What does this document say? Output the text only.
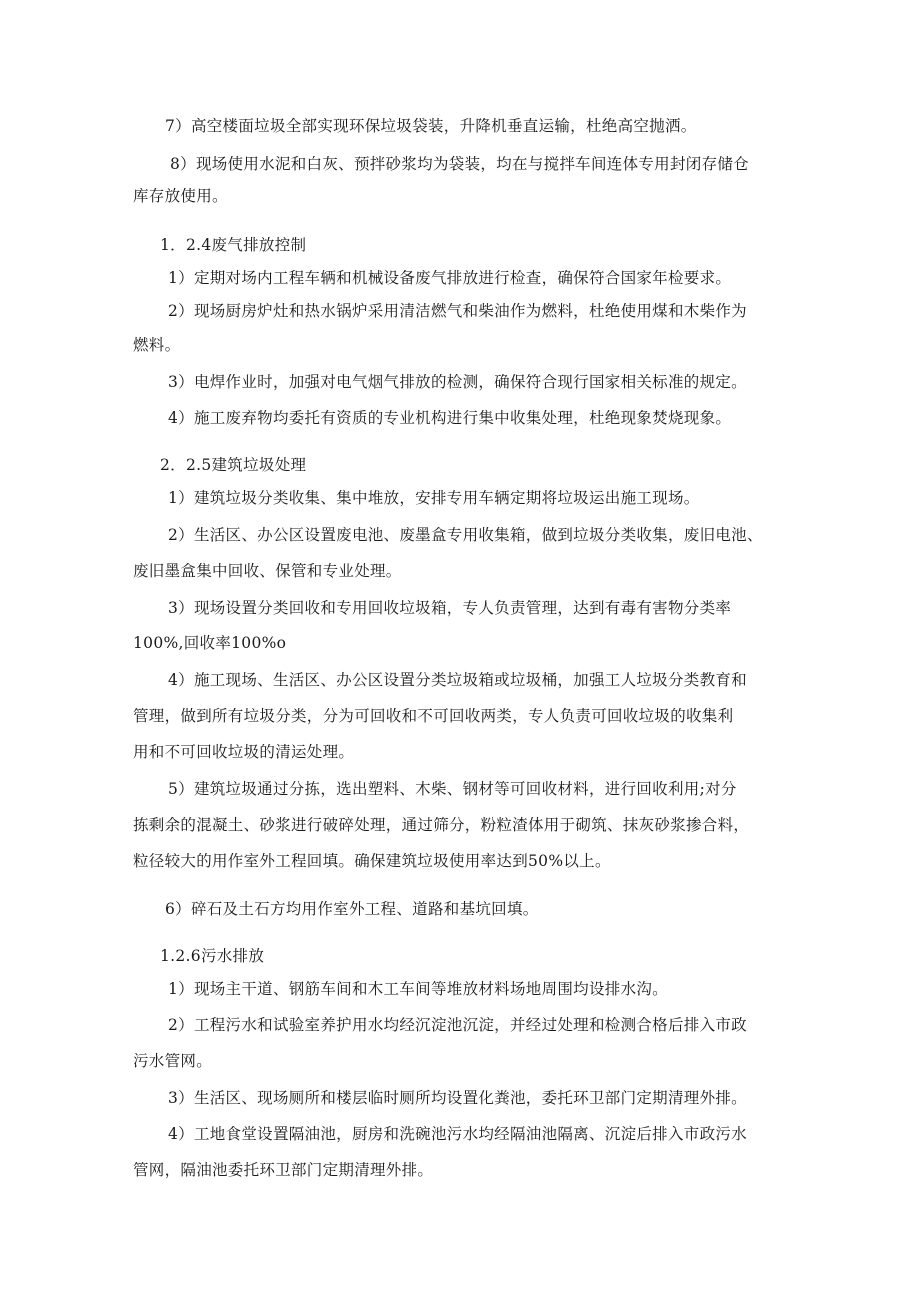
7）高空楼面垃圾全部实现环保垃圾袋装，升降机垂直运输，杜绝高空抛洒。
8）现场使用水泥和白灰、预拌砂浆均为袋装，均在与搅拌车间连体专用封闭存储仓
库存放使用。
1．2.4废气排放控制
1）定期对场内工程车辆和机械设备废气排放进行检查，确保符合国家年检要求。
2）现场厨房炉灶和热水锅炉采用清洁燃气和柴油作为燃料，杜绝使用煤和木柴作为
燃料。
3）电焊作业时，加强对电气烟气排放的检测，确保符合现行国家相关标准的规定。
4）施工废弃物均委托有资质的专业机构进行集中收集处理，杜绝现象焚烧现象。
2．2.5建筑垃圾处理
1）建筑垃圾分类收集、集中堆放，安排专用车辆定期将垃圾运出施工现场。
2）生活区、办公区设置废电池、废墨盒专用收集箱，做到垃圾分类收集，废旧电池、
废旧墨盒集中回收、保管和专业处理。
3）现场设置分类回收和专用回收垃圾箱，专人负责管理，达到有毒有害物分类率
100%,回收率100%o
4）施工现场、生活区、办公区设置分类垃圾箱或垃圾桶，加强工人垃圾分类教育和
管理，做到所有垃圾分类，分为可回收和不可回收两类，专人负责可回收垃圾的收集利
用和不可回收垃圾的清运处理。
5）建筑垃圾通过分拣，选出塑料、木柴、钢材等可回收材料，进行回收利用;对分
拣剩余的混凝土、砂浆进行破碎处理，通过筛分，粉粒渣体用于砌筑、抹灰砂浆掺合料，
粒径较大的用作室外工程回填。确保建筑垃圾使用率达到50%以上。
6）碎石及土石方均用作室外工程、道路和基坑回填。
1.2.6污水排放
1）现场主干道、钢筋车间和木工车间等堆放材料场地周围均设排水沟。
2）工程污水和试验室养护用水均经沉淀池沉淀，并经过处理和检测合格后排入市政
污水管网。
3）生活区、现场厕所和楼层临时厕所均设置化粪池，委托环卫部门定期清理外排。
4）工地食堂设置隔油池，厨房和洗碗池污水均经隔油池隔离、沉淀后排入市政污水
管网，隔油池委托环卫部门定期清理外排。
